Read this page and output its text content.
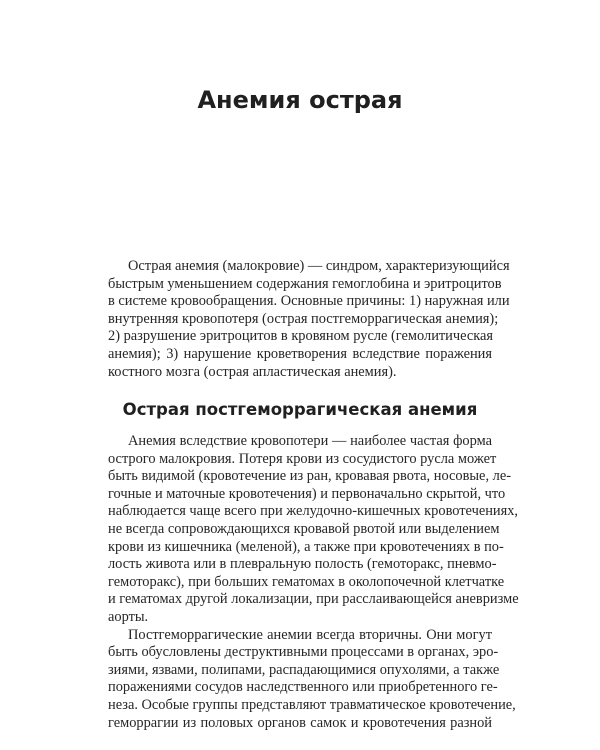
Анемия острая
Острая анемия (малокровие) — синдром, характеризующийся
быстрым уменьшением содержания гемоглобина и эритроцитов
в системе кровообращения. Основные причины: 1) наружная или
внутренняя кровопотеря (острая постгеморрагическая анемия);
2) разрушение эритроцитов в кровяном русле (гемолитическая
анемия); 3) нарушение кроветворения вследствие поражения
костного мозга (острая апластическая анемия).
Острая постгеморрагическая анемия
Анемия вследствие кровопотери — наиболее частая форма
острого малокровия. Потеря крови из сосудистого русла может
быть видимой (кровотечение из ран, кровавая рвота, носовые, ле-
гочные и маточные кровотечения) и первоначально скрытой, что
наблюдается чаще всего при желудочно-кишечных кровотечениях,
не всегда сопровождающихся кровавой рвотой или выделением
крови из кишечника (меленой), а также при кровотечениях в по-
лость живота или в плевральную полость (гемоторакс, пневмо-
гемоторакс), при больших гематомах в околопочечной клетчатке
и гематомах другой локализации, при расслаивающейся аневризме
аорты.
Постгеморрагические анемии всегда вторичны. Они могут
быть обусловлены деструктивными процессами в органах, эро-
зиями, язвами, полипами, распадающимися опухолями, а также
поражениями сосудов наследственного или приобретенного ге-
неза. Особые группы представляют травматическое кровотечение,
геморрагии из половых органов самок и кровотечения разной
